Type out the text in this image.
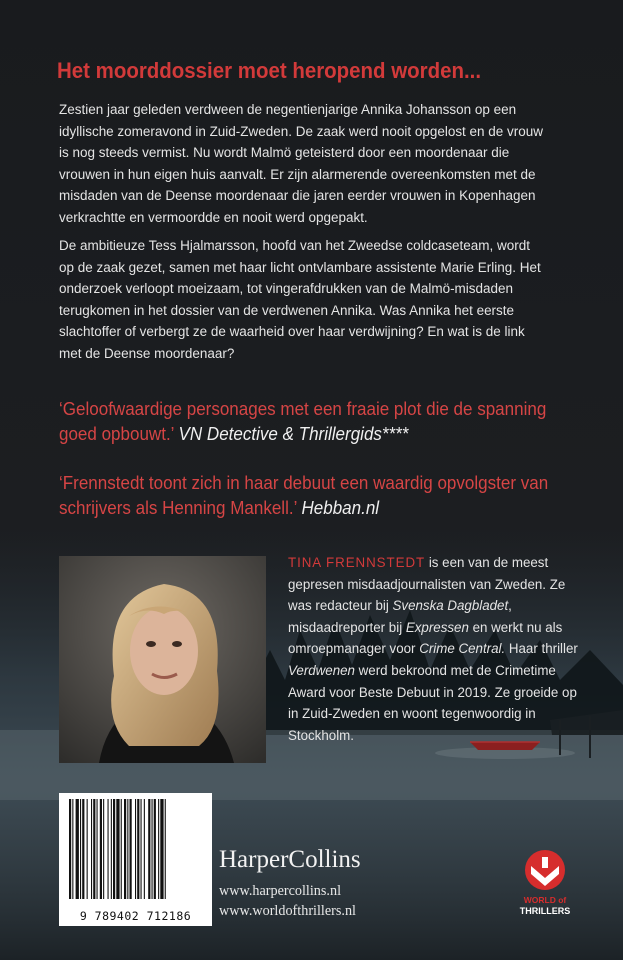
Het moorddossier moet heropend worden...

Zestien jaar geleden verdween de negentienjarige Annika Johansson op een idyllische zomeravond in Zuid-Zweden. De zaak werd nooit opgelost en de vrouw is nog steeds vermist. Nu wordt Malmö geteisterd door een moordenaar die vrouwen in hun eigen huis aanvalt. Er zijn alarmerende overeenkomsten met de misdaden van de Deense moordenaar die jaren eerder vrouwen in Kopenhagen verkrachtte en vermoordde en nooit werd opgepakt.

De ambitieuze Tess Hjalmarsson, hoofd van het Zweedse coldcaseteam, wordt op de zaak gezet, samen met haar licht ontvlambare assistente Marie Erling. Het onderzoek verloopt moeizaam, tot vingerafdrukken van de Malmö-misdaden terugkomen in het dossier van de verdwenen Annika. Was Annika het eerste slachtoffer of verbergt ze de waarheid over haar verdwijning? En wat is de link met de Deense moordenaar?

‘Geloofwaardige personages met een fraaie plot die de spanning goed opbouwt.’ VN Detective & Thrillergids****

‘Frennstedt toont zich in haar debuut een waardig opvolgster van schrijvers als Henning Mankell.’ Hebban.nl

TINA FRENNSTEDT is een van de meest gepresen misdaadjournalisten van Zweden. Ze was redacteur bij Svenska Dagbladet, misdaadreporter bij Expressen en werkt nu als omroepmanager voor Crime Central. Haar thriller Verdwenen werd bekroond met de Crimetime Award voor Beste Debuut in 2019. Ze groeide op in Zuid-Zweden en woont tegenwoordig in Stockholm.

9 789402 712186
HarperCollins
www.harpercollins.nl
www.worldofthrillers.nl
WORLD of
THRILLERS
